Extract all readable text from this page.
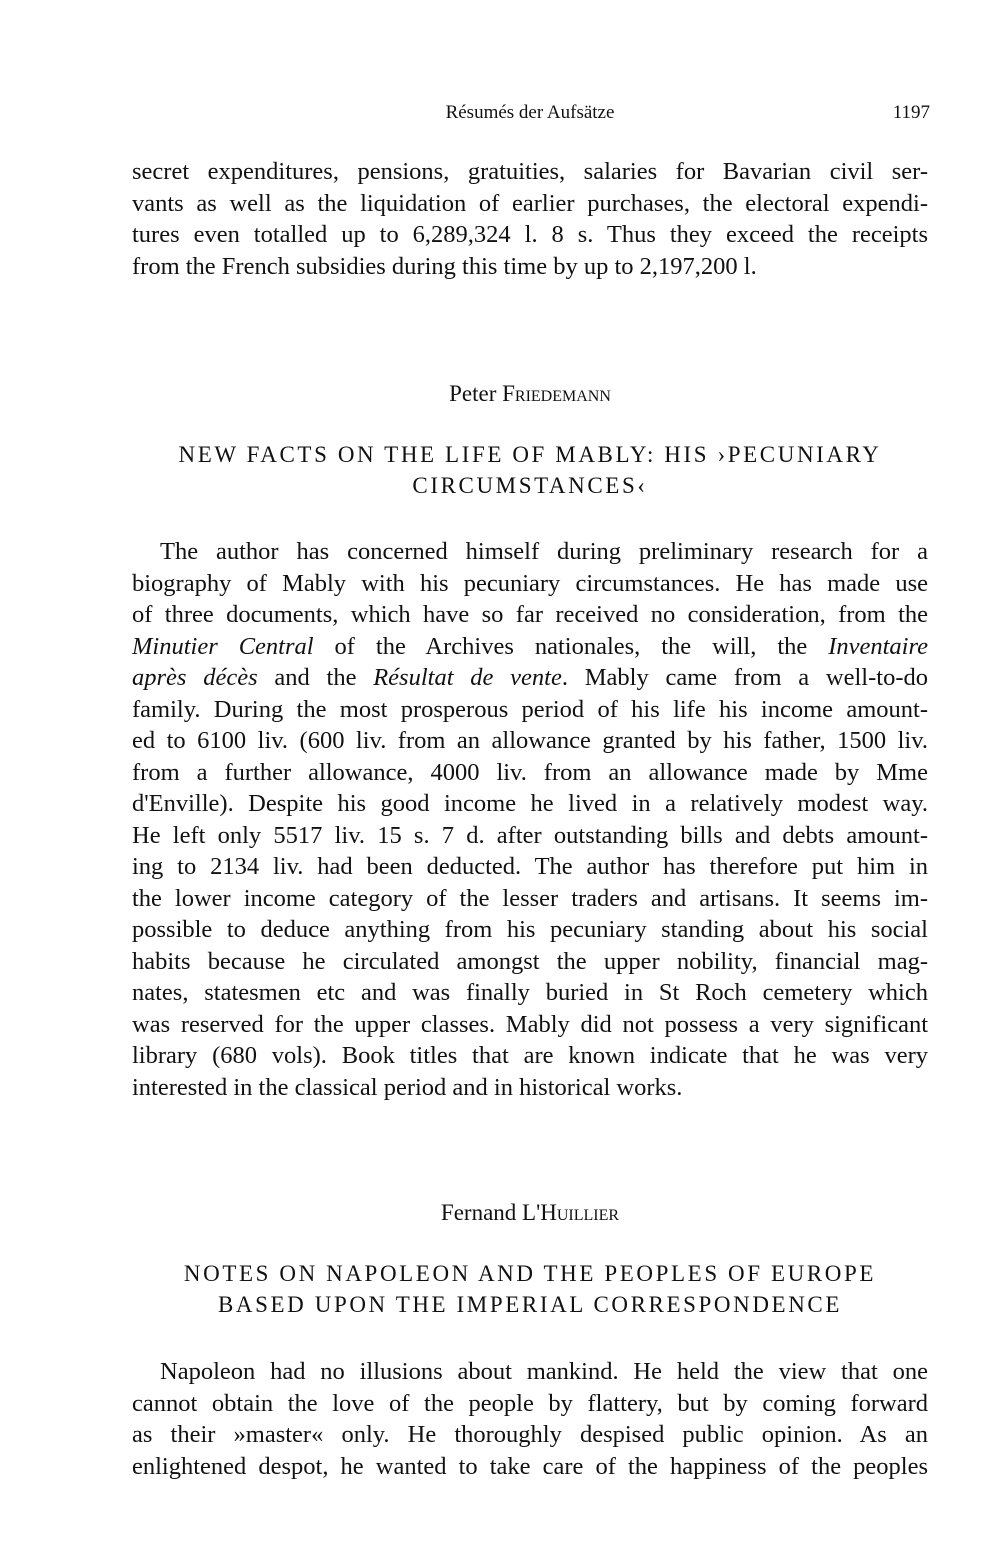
Résumés der Aufsätze	1197
secret expenditures, pensions, gratuities, salaries for Bavarian civil ser-
vants as well as the liquidation of earlier purchases, the electoral expendi-
tures even totalled up to 6,289,324 l. 8 s. Thus they exceed the receipts
from the French subsidies during this time by up to 2,197,200 l.
Peter Friedemann
NEW FACTS ON THE LIFE OF MABLY: HIS ›PECUNIARY
CIRCUMSTANCES‹
The author has concerned himself during preliminary research for a
biography of Mably with his pecuniary circumstances. He has made use
of three documents, which have so far received no consideration, from the
Minutier Central of the Archives nationales, the will, the Inventaire
après décès and the Résultat de vente. Mably came from a well-to-do
family. During the most prosperous period of his life his income amount-
ed to 6100 liv. (600 liv. from an allowance granted by his father, 1500 liv.
from a further allowance, 4000 liv. from an allowance made by Mme
d'Enville). Despite his good income he lived in a relatively modest way.
He left only 5517 liv. 15 s. 7 d. after outstanding bills and debts amount-
ing to 2134 liv. had been deducted. The author has therefore put him in
the lower income category of the lesser traders and artisans. It seems im-
possible to deduce anything from his pecuniary standing about his social
habits because he circulated amongst the upper nobility, financial mag-
nates, statesmen etc and was finally buried in St Roch cemetery which
was reserved for the upper classes. Mably did not possess a very significant
library (680 vols). Book titles that are known indicate that he was very
interested in the classical period and in historical works.
Fernand L'Huillier
NOTES ON NAPOLEON AND THE PEOPLES OF EUROPE
BASED UPON THE IMPERIAL CORRESPONDENCE
Napoleon had no illusions about mankind. He held the view that one
cannot obtain the love of the people by flattery, but by coming forward
as their »master« only. He thoroughly despised public opinion. As an
enlightened despot, he wanted to take care of the happiness of the peoples
